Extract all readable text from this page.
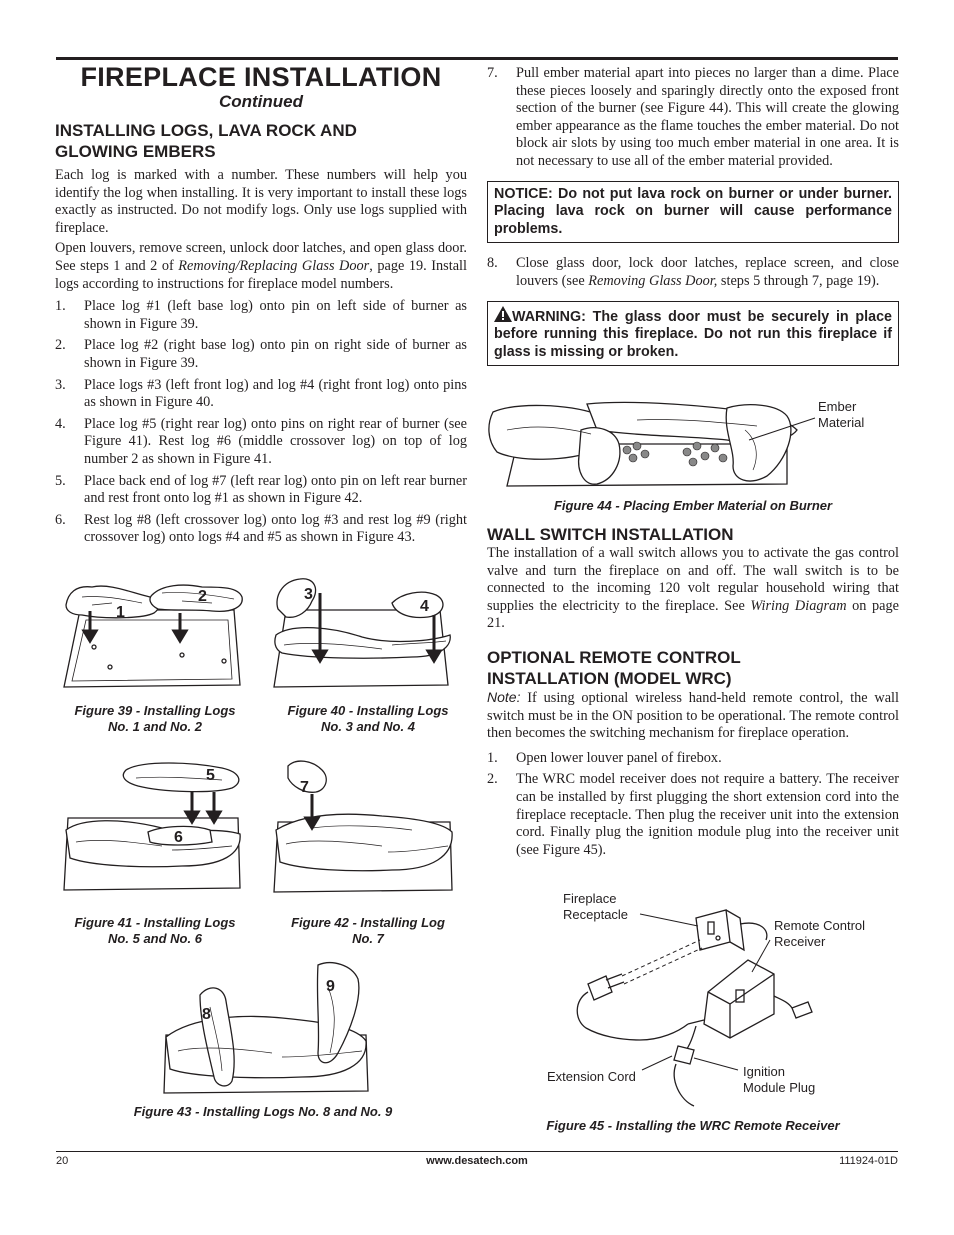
FIREPLACE INSTALLATION
Continued
INSTALLING LOGS, LAVA ROCK AND
GLOWING EMBERS

Each log is marked with a number. These numbers will help you identify the log when installing. It is very important to install these logs exactly as instructed. Do not modify logs. Only use logs supplied with fireplace.

Open louvers, remove screen, unlock door latches, and open glass door. See steps 1 and 2 of Removing/Replacing Glass Door, page 19. Install logs according to instructions for fireplace model numbers.

1. Place log #1 (left base log) onto pin on left side of burner as shown in Figure 39.
2. Place log #2 (right base log) onto pin on right side of burner as shown in Figure 39.
3. Place logs #3 (left front log) and log #4 (right front log) onto pins as shown in Figure 40.
4. Place log #5 (right rear log) onto pins on right rear of burner (see Figure 41). Rest log #6 (middle crossover log) on top of log number 2 as shown in Figure 41.
5. Place back end of log #7 (left rear log) onto pin on left rear burner and rest front onto log #1 as shown in Figure 42.
6. Rest log #8 (left crossover log) onto log #3 and rest log #9 (right crossover log) onto logs #4 and #5 as shown in Figure 43.
1
2
Figure 39 - Installing Logs
No. 1 and No. 2
3
4
Figure 40 - Installing Logs
No. 3 and No. 4
5
6
Figure 41 - Installing Logs
No. 5 and No. 6
7
Figure 42 - Installing Log
No. 7
8
9
Figure 43 - Installing Logs No. 8 and No. 9
7. Pull ember material apart into pieces no larger than a dime. Place these pieces loosely and sparingly directly onto the exposed front section of the burner (see Figure 44). This will create the glowing ember appearance as the flame touches the ember material. Do not block air slots by using too much ember material in one area. It is not necessary to use all of the ember material provided.
NOTICE: Do not put lava rock on burner or under burner. Placing lava rock on burner will cause performance problems.
8. Close glass door, lock door latches, replace screen, and close louvers (see Removing Glass Door, steps 5 through 7, page 19).
WARNING: The glass door must be securely in place before running this fireplace. Do not run this fireplace if glass is missing or broken.
Ember
Material
Figure 44 - Placing Ember Material on Burner
WALL SWITCH INSTALLATION

The installation of a wall switch allows you to activate the gas control valve and turn the fireplace on and off. The wall switch is to be connected to the incoming 120 volt regular household wiring that supplies the electricity to the fireplace. See Wiring Diagram on page 21.

OPTIONAL REMOTE CONTROL
INSTALLATION (MODEL WRC)

Note: If using optional wireless hand-held remote control, the wall switch must be in the ON position to be operational. The remote control then becomes the switching mechanism for fireplace operation.

1. Open lower louver panel of firebox.
2. The WRC model receiver does not require a battery. The receiver can be installed by first plugging the short extension cord into the fireplace receptacle. Then plug the receiver unit into the extension cord. Finally plug the ignition module plug into the receiver unit (see Figure 45).
Fireplace
Receptacle
Remote Control
Receiver
Extension Cord	Ignition
Module Plug
Figure 45 - Installing the WRC Remote Receiver
20	www.desatech.com	111924-01D
